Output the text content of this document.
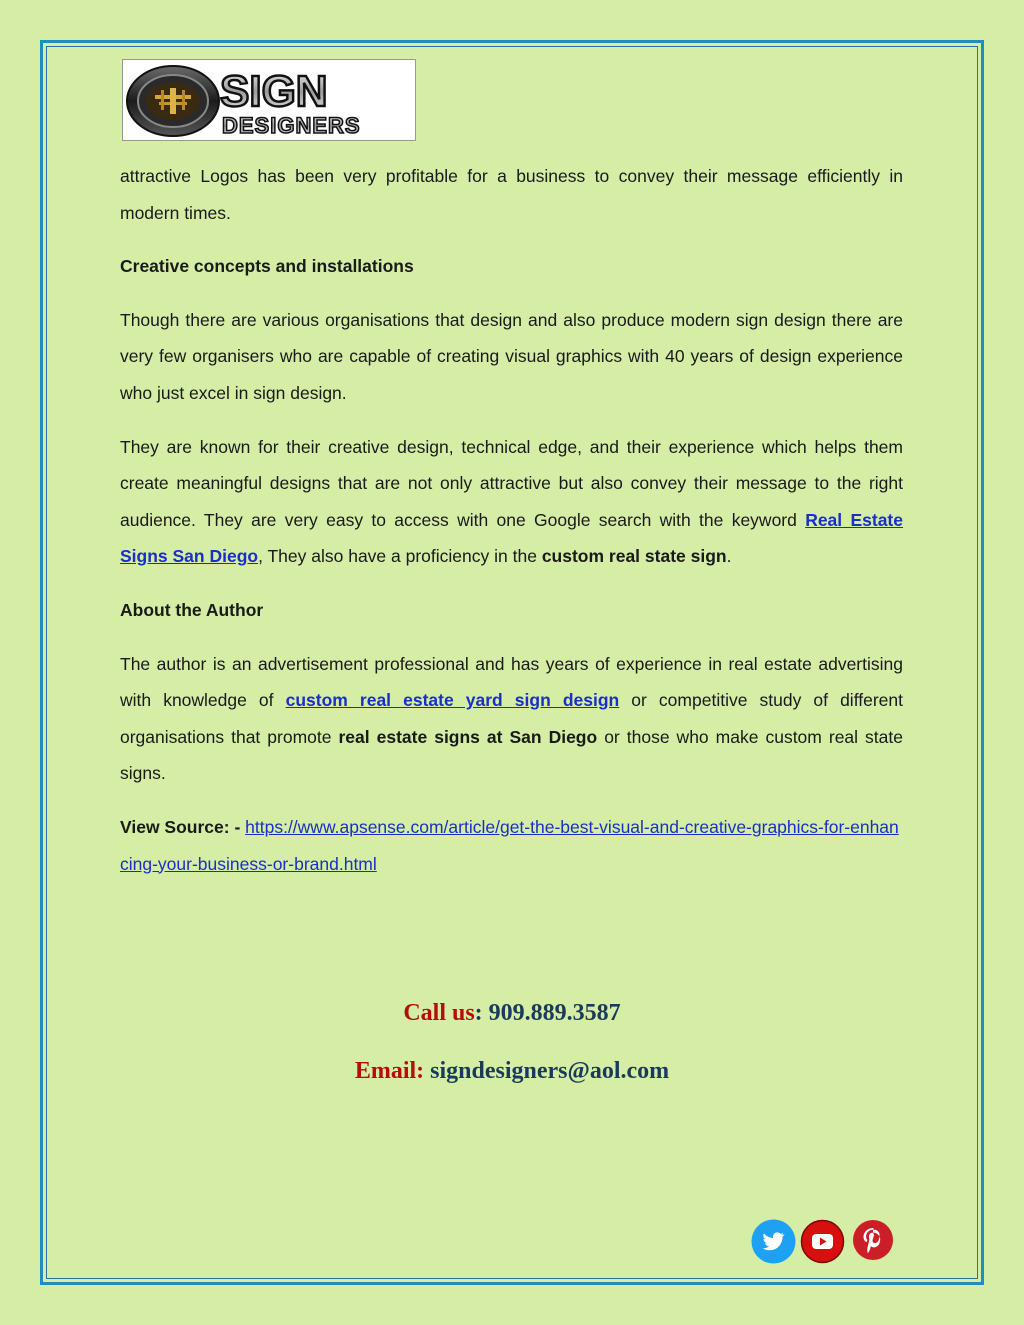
SIGN
DESIGNERS

attractive Logos has been very profitable for a business to convey their message efficiently in modern times.

Creative concepts and installations

Though there are various organisations that design and also produce modern sign design there are very few organisers who are capable of creating visual graphics with 40 years of design experience who just excel in sign design.

They are known for their creative design, technical edge, and their experience which helps them create meaningful designs that are not only attractive but also convey their message to the right audience. They are very easy to access with one Google search with the keyword Real Estate Signs San Diego, They also have a proficiency in the custom real state sign.

About the Author

The author is an advertisement professional and has years of experience in real estate advertising with knowledge of custom real estate yard sign design or competitive study of different organisations that promote real estate signs at San Diego or those who make custom real state signs.

View Source: - https://www.apsense.com/article/get-the-best-visual-and-creative-graphics-for-enhancing-your-business-or-brand.html

Call us: 909.889.3587
Email: signdesigners@aol.com
